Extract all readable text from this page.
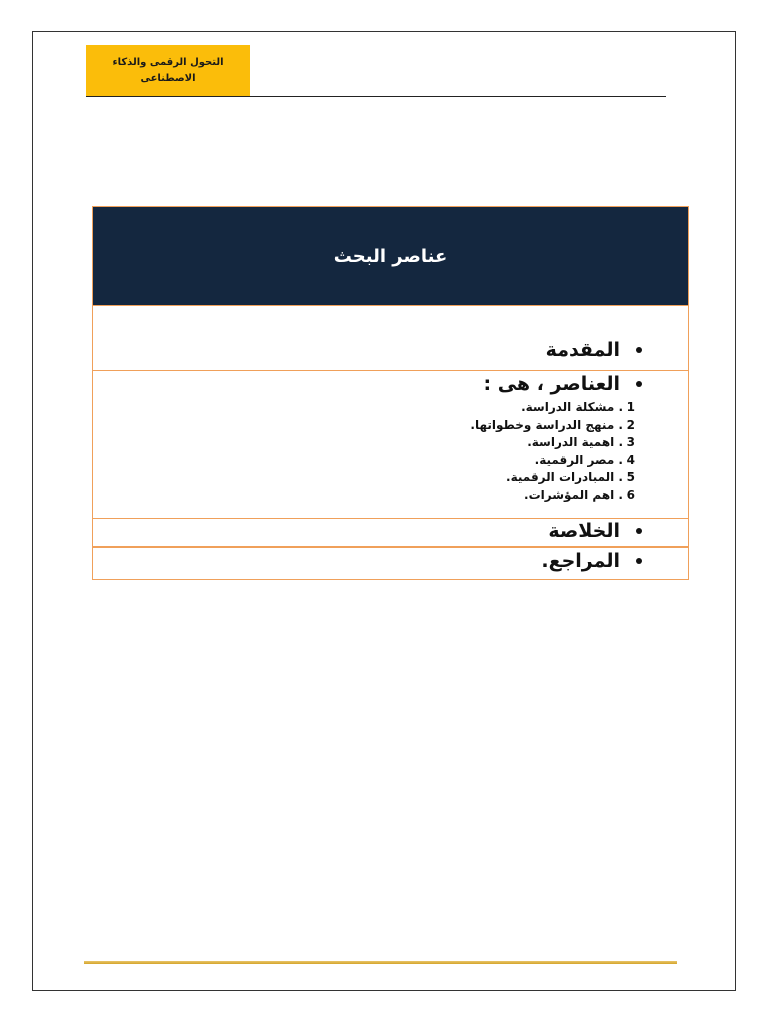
التحول الرقمى والذكاء
الاصطناعى
عناصر البحث
المقدمة
العناصر ، هى :
1. مشكلة الدراسة.
2. منهج الدراسة وخطواتها.
3. اهمية الدراسة.
4. مصر الرقمية.
5. المبادرات الرقمية.
6. اهم المؤشرات.
الخلاصة
المراجع.
